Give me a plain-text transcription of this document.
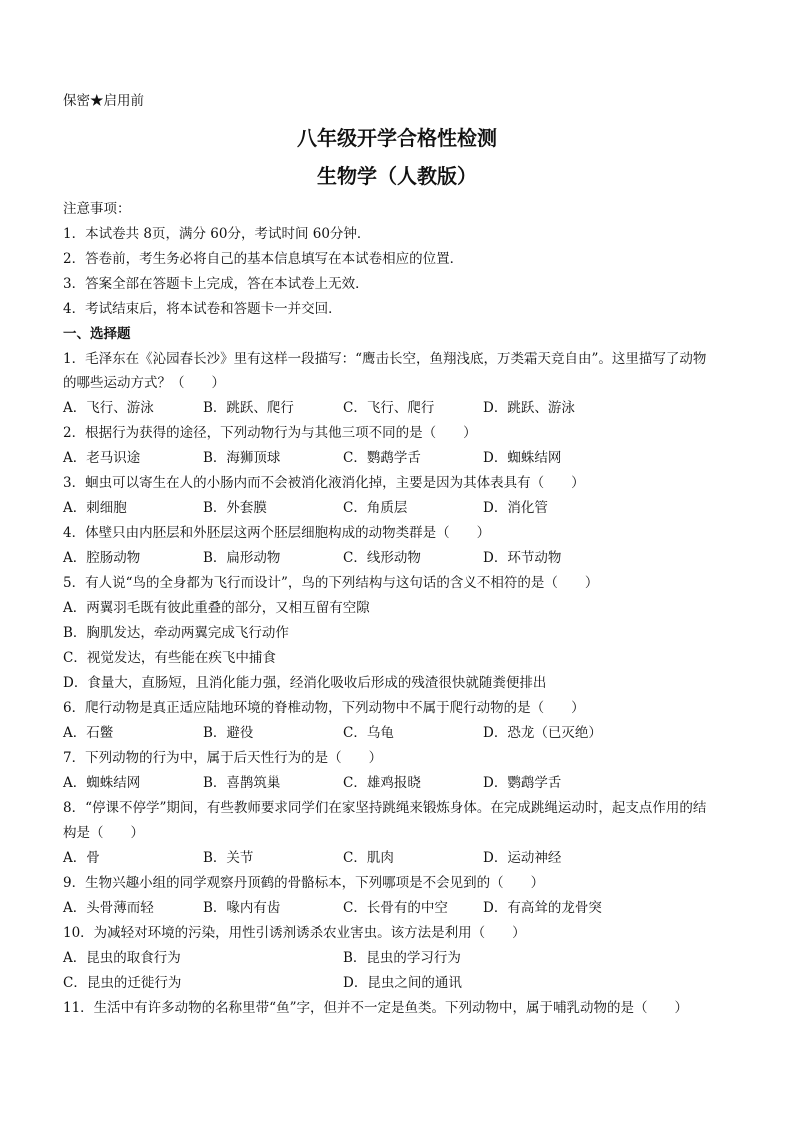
保密★启用前
八年级开学合格性检测
生物学（人教版）
注意事项：
1．本试卷共 8页，满分 60分，考试时间 60分钟．
2．答卷前，考生务必将自己的基本信息填写在本试卷相应的位置．
3．答案全部在答题卡上完成，答在本试卷上无效．
4．考试结束后，将本试卷和答题卡一并交回．
一、选择题
1．毛泽东在《沁园春长沙》里有这样一段描写：“鹰击长空，鱼翔浅底，万类霜天竞自由”。这里描写了动物
的哪些运动方式？（　　）
A．飞行、游泳	B．跳跃、爬行	C．飞行、爬行	D．跳跃、游泳
2．根据行为获得的途径，下列动物行为与其他三项不同的是（　　）
A．老马识途	B．海狮顶球	C．鹦鹉学舌	D．蜘蛛结网
3．蛔虫可以寄生在人的小肠内而不会被消化液消化掉，主要是因为其体表具有（　　）
A．刺细胞	B．外套膜	C．角质层	D．消化管
4．体壁只由内胚层和外胚层这两个胚层细胞构成的动物类群是（　　）
A．腔肠动物	B．扁形动物	C．线形动物	D．环节动物
5．有人说“鸟的全身都为飞行而设计”，鸟的下列结构与这句话的含义不相符的是（　　）
A．两翼羽毛既有彼此重叠的部分，又相互留有空隙
B．胸肌发达，牵动两翼完成飞行动作
C．视觉发达，有些能在疾飞中捕食
D．食量大，直肠短，且消化能力强，经消化吸收后形成的残渣很快就随粪便排出
6．爬行动物是真正适应陆地环境的脊椎动物，下列动物中不属于爬行动物的是（　　）
A．石鳖	B．避役	C．乌龟	D．恐龙（已灭绝）
7．下列动物的行为中，属于后天性行为的是（　　）
A．蜘蛛结网	B．喜鹊筑巢	C．雄鸡报晓	D．鹦鹉学舌
8．“停课不停学”期间，有些教师要求同学们在家坚持跳绳来锻炼身体。在完成跳绳运动时，起支点作用的结
构是（　　）
A．骨	B．关节	C．肌肉	D．运动神经
9．生物兴趣小组的同学观察丹顶鹤的骨骼标本，下列哪项是不会见到的（　　）
A．头骨薄而轻	B．喙内有齿	C．长骨有的中空	D．有高耸的龙骨突
10．为减轻对环境的污染，用性引诱剂诱杀农业害虫。该方法是利用（　　）
A．昆虫的取食行为	B．昆虫的学习行为
C．昆虫的迁徙行为	D．昆虫之间的通讯
11．生活中有许多动物的名称里带“鱼”字，但并不一定是鱼类。下列动物中，属于哺乳动物的是（　　）
